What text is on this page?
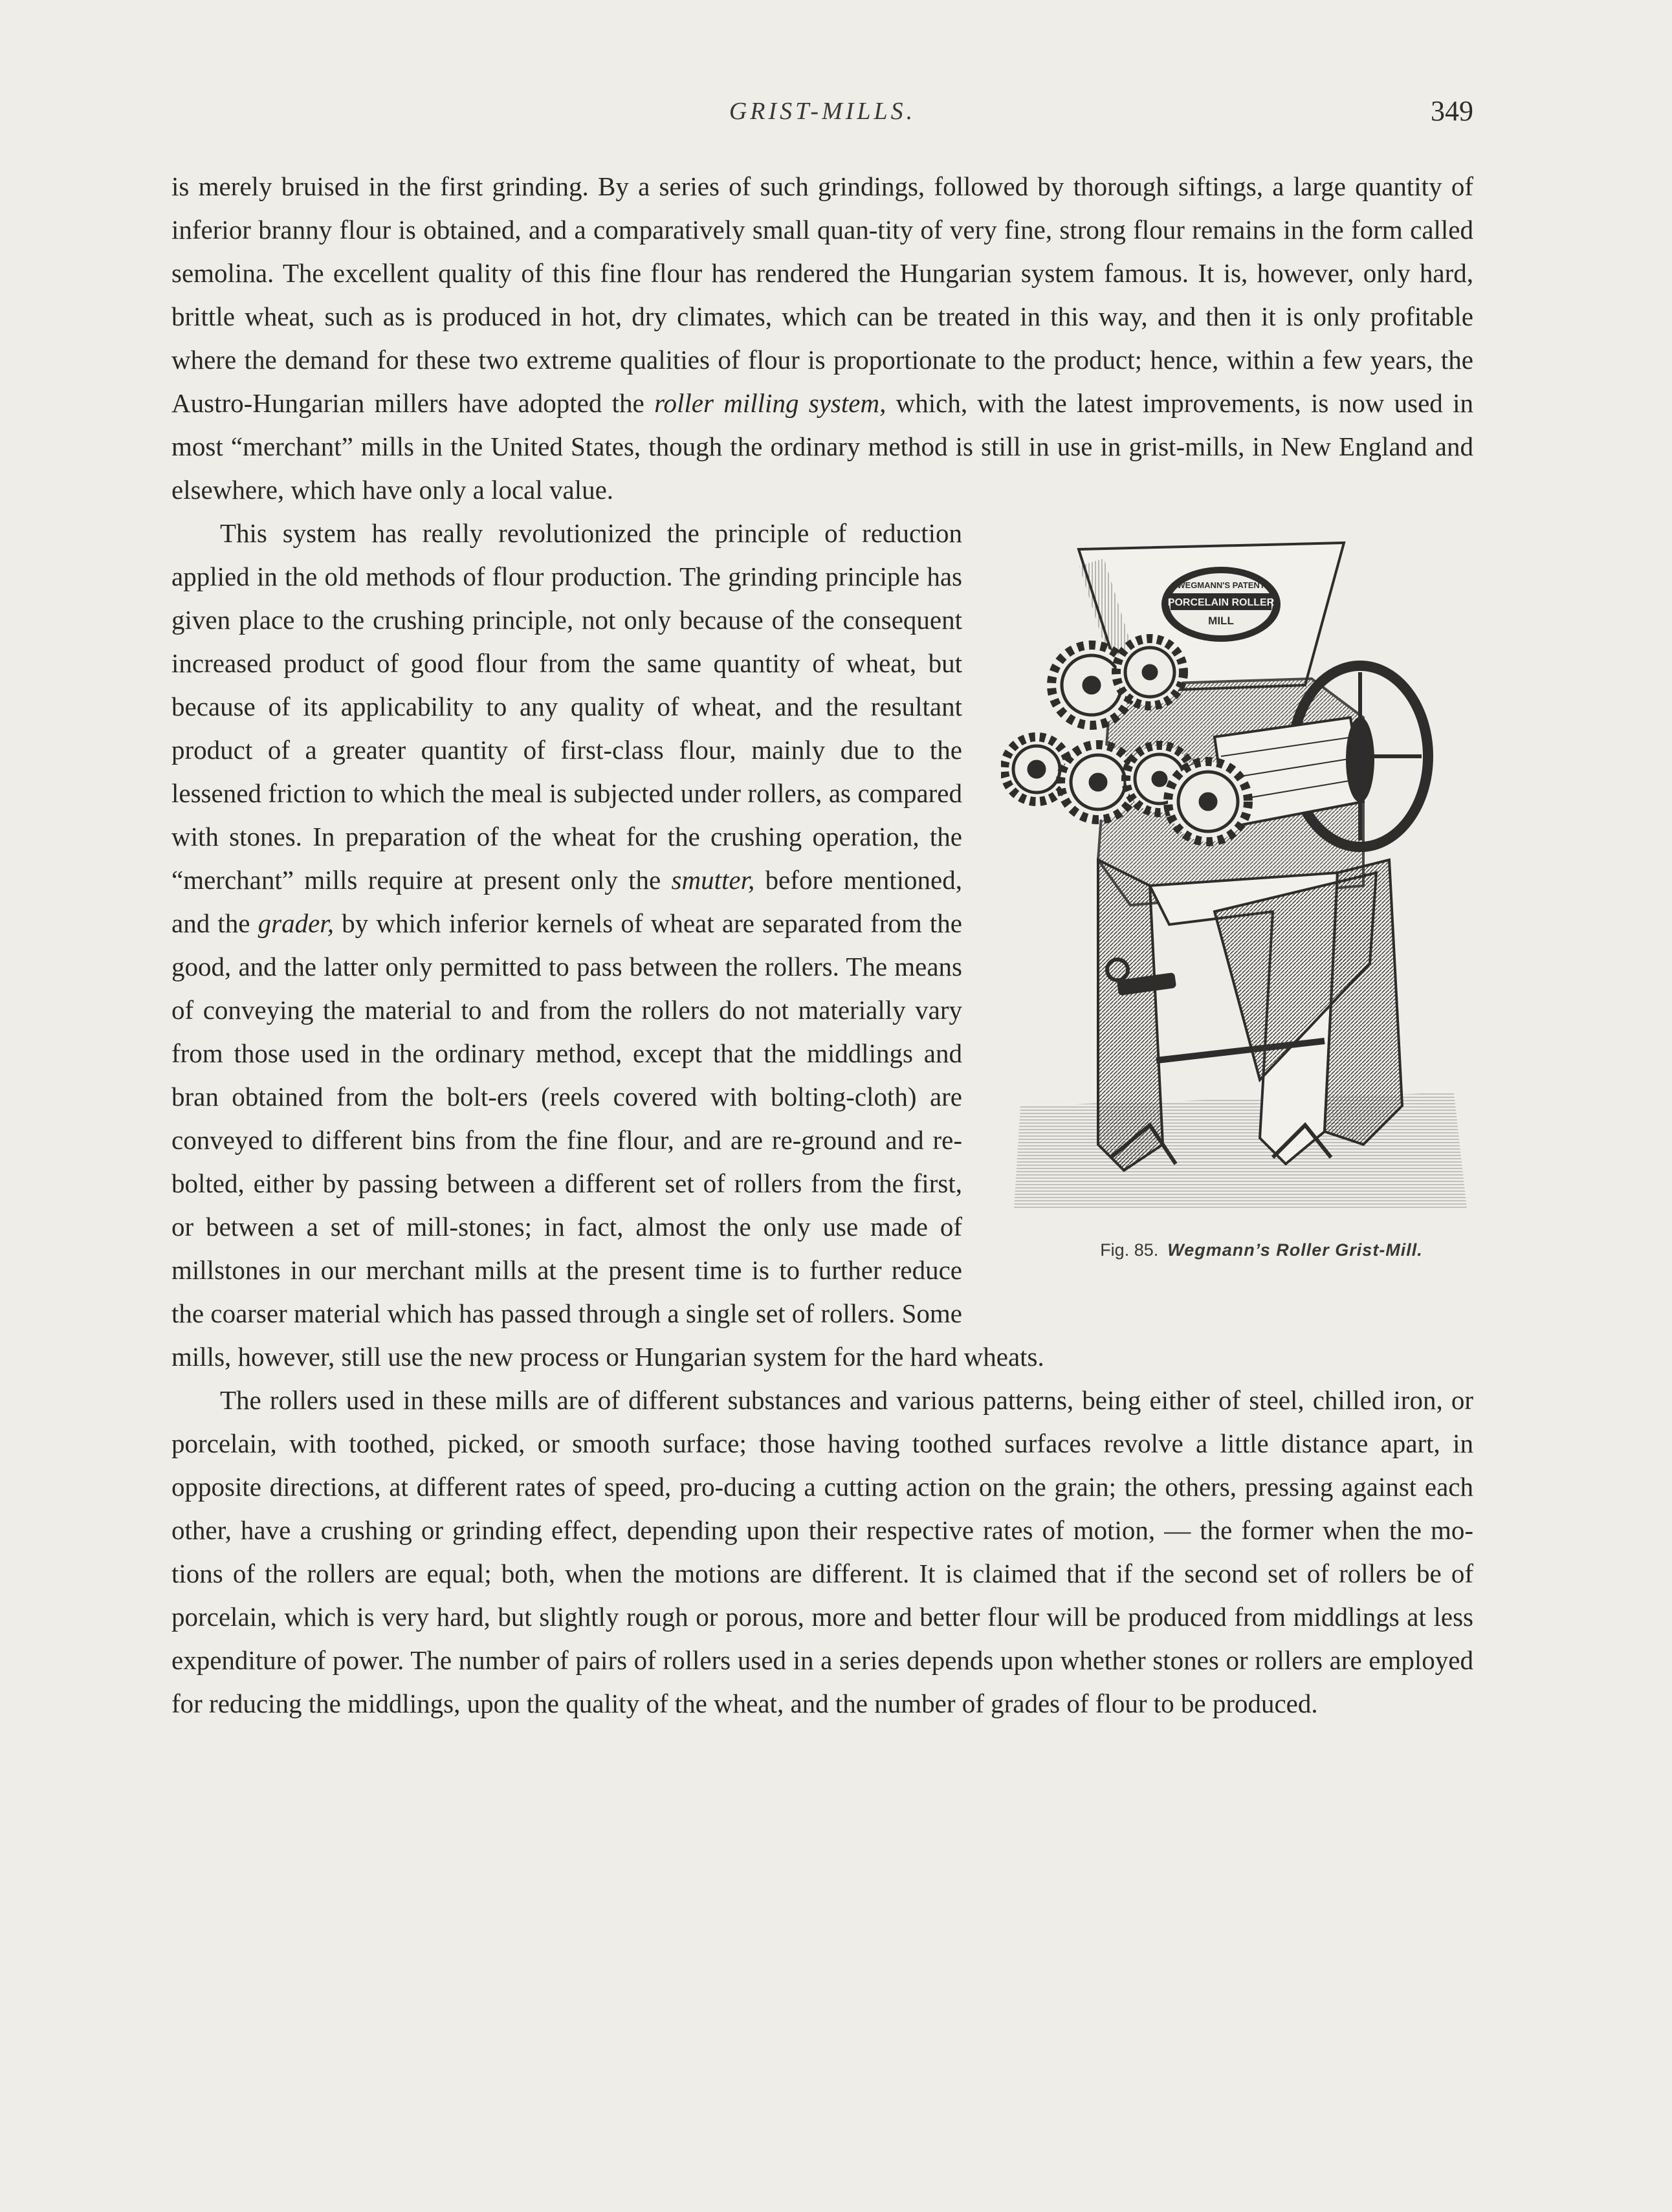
GRIST-MILLS.	349

is merely bruised in the first grinding. By a series of such grindings, followed by thorough siftings, a large quantity of inferior branny flour is obtained, and a comparatively small quan-tity of very fine, strong flour remains in the form called semolina. The excellent quality of this fine flour has rendered the Hungarian system famous. It is, however, only hard, brittle wheat, such as is produced in hot, dry climates, which can be treated in this way, and then it is only profitable where the demand for these two extreme qualities of flour is proportionate to the product; hence, within a few years, the Austro-Hungarian millers have adopted the roller milling system, which, with the latest improvements, is now used in most “merchant” mills in the United States, though the ordinary method is still in use in grist-mills, in New England and elsewhere, which have only a local value.

WEGMANN'S PATENT
PORCELAIN ROLLER
MILL
Fig. 85. Wegmann’s Roller Grist-Mill.
This system has really revolutionized the principle of reduction applied in the old methods of flour production. The grinding principle has given place to the crushing principle, not only because of the consequent increased product of good flour from the same quantity of wheat, but because of its applicability to any quality of wheat, and the resultant product of a greater quantity of first-class flour, mainly due to the lessened friction to which the meal is subjected under rollers, as compared with stones. In preparation of the wheat for the crushing operation, the “merchant” mills require at present only the smutter, before mentioned, and the grader, by which inferior kernels of wheat are separated from the good, and the latter only permitted to pass between the rollers. The means of conveying the material to and from the rollers do not materially vary from those used in the ordinary method, except that the middlings and bran obtained from the bolt-ers (reels covered with bolting-cloth) are conveyed to different bins from the fine flour, and are re-ground and re-bolted, either by passing between a different set of rollers from the first, or between a set of mill-stones; in fact, almost the only use made of millstones in our merchant mills at the present time is to further reduce the coarser material which has passed through a single set of rollers. Some mills, however, still use the new process or Hungarian system for the hard wheats.

The rollers used in these mills are of different substances and various patterns, being either of steel, chilled iron, or porcelain, with toothed, picked, or smooth surface; those having toothed surfaces revolve a little distance apart, in opposite directions, at different rates of speed, pro-ducing a cutting action on the grain; the others, pressing against each other, have a crushing or grinding effect, depending upon their respective rates of motion, — the former when the mo-tions of the rollers are equal; both, when the motions are different. It is claimed that if the second set of rollers be of porcelain, which is very hard, but slightly rough or porous, more and better flour will be produced from middlings at less expenditure of power. The number of pairs of rollers used in a series depends upon whether stones or rollers are employed for reducing the middlings, upon the quality of the wheat, and the number of grades of flour to be produced.
